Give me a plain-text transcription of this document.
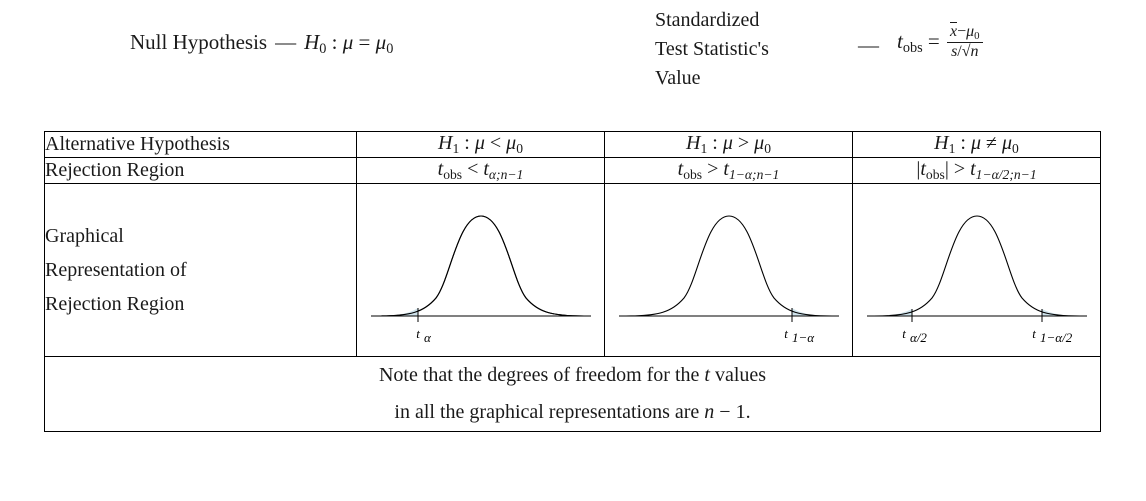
Null Hypothesis — $H_0$ : $\mu = \mu_0$
Standardized
Test Statistic's
Value
— $t_{obs} = \frac{x-\mu_0}{s/√n}$
Alternative Hypothesis	$H_1$ : $\mu < \mu_0$	$H_1$ : $\mu > \mu_0$	$H_1$ : $\mu \ne \mu_0$
Rejection Region	$t_{obs} < t_{\alpha;n-1}$	$t_{obs} > t_{1-\alpha;n-1}$	$|t_{obs}| > t_{1-\alpha/2;n-1}$

Graphical
Representation of
Rejection Region

t α	t 1−α	t α/2	t 1−α/2

Note that the degrees of freedom for the t values
in all the graphical representations are n − 1.			
